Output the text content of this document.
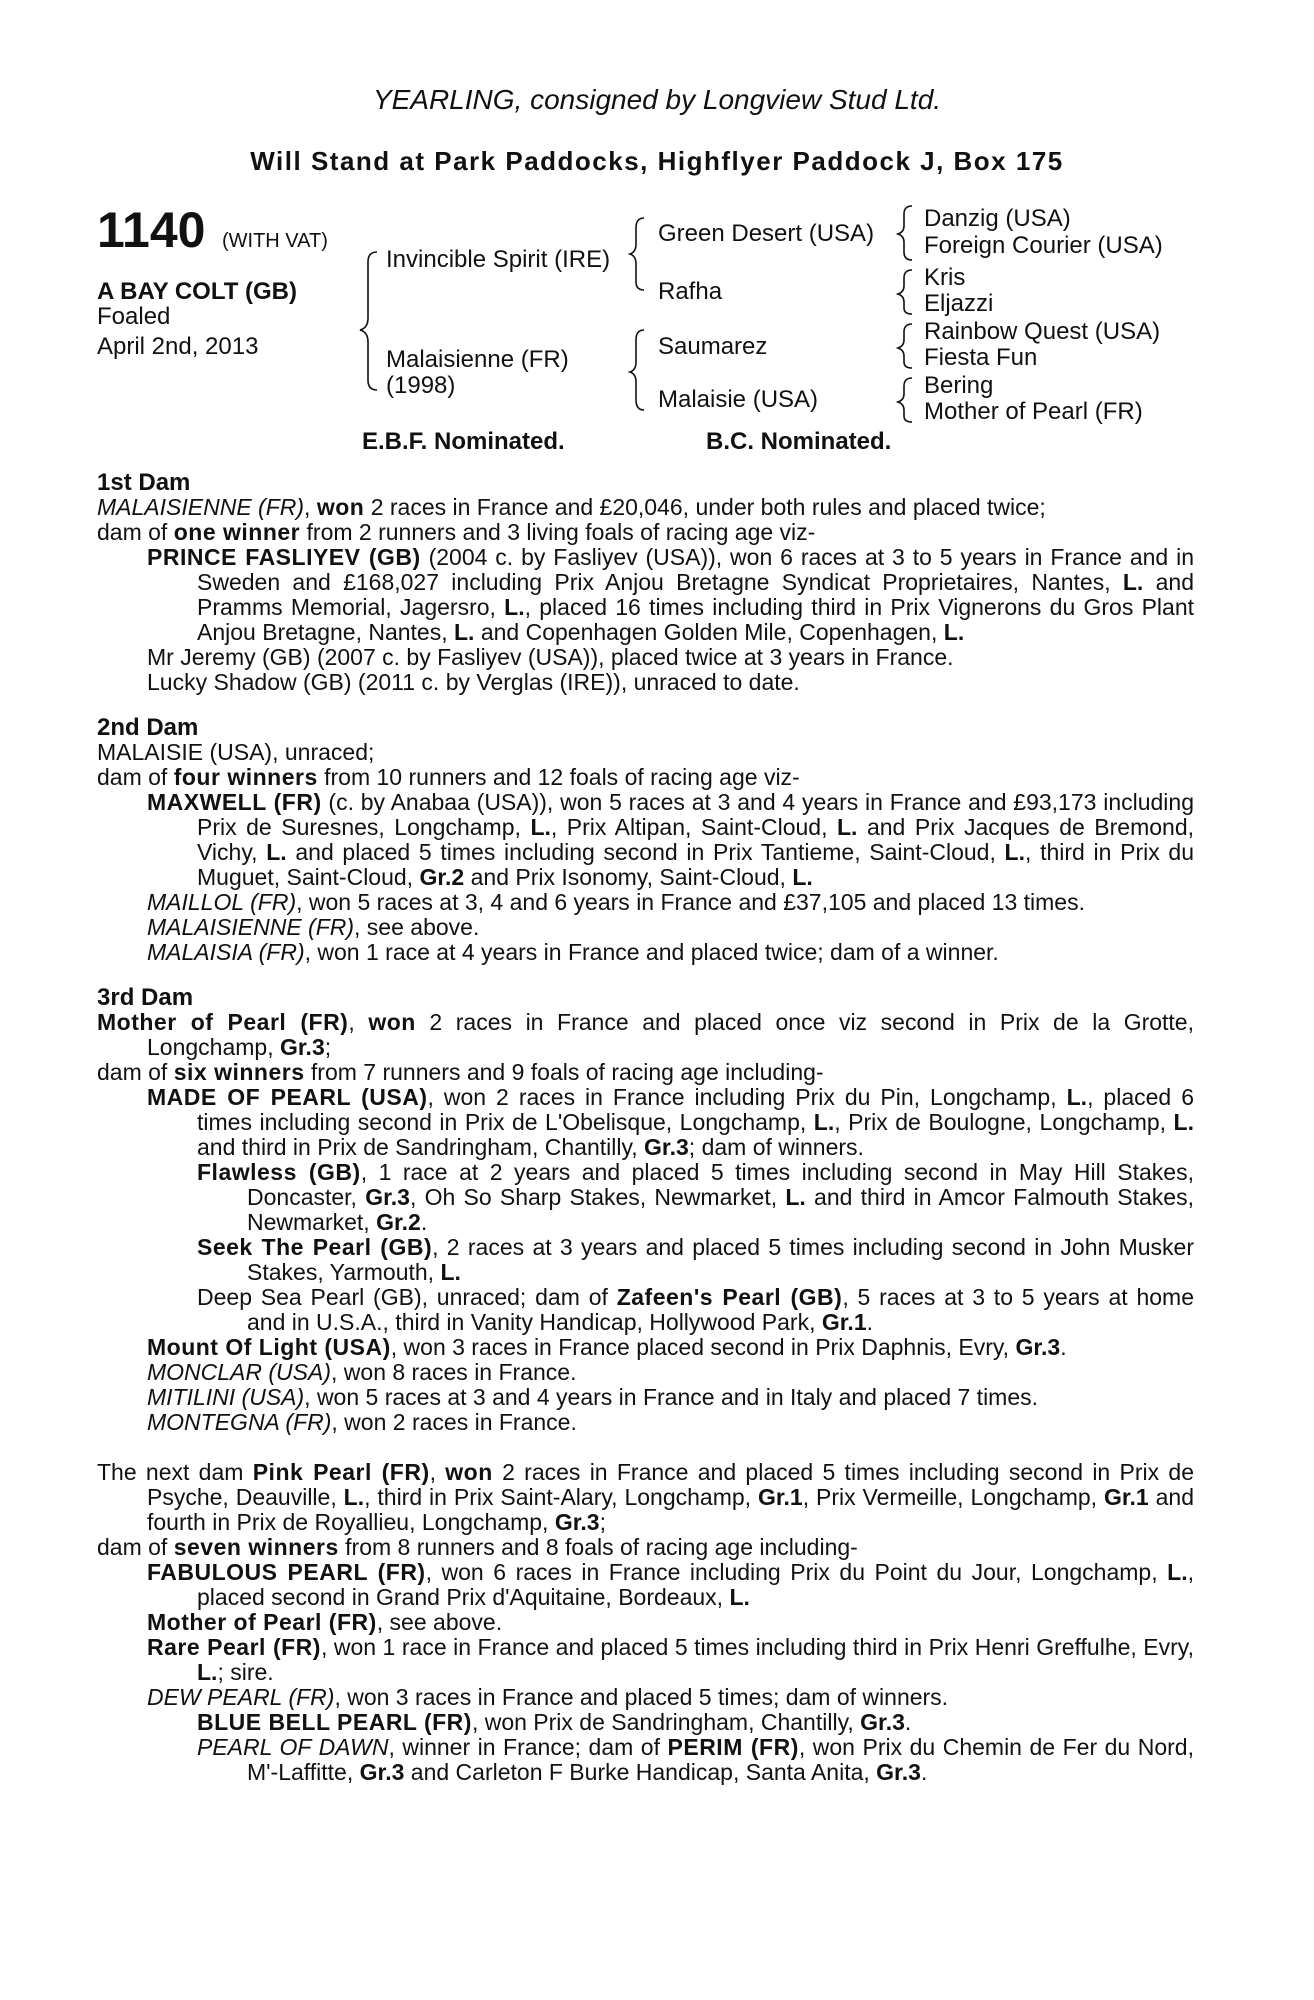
YEARLING, consigned by Longview Stud Ltd.
Will Stand at Park Paddocks, Highflyer Paddock J, Box 175
1140 (WITH VAT)
A BAY COLT (GB)
Foaled
April 2nd, 2013
Invincible Spirit (IRE)
Malaisienne (FR)
(1998)
Green Desert (USA)
Rafha
Saumarez
Malaisie (USA)
Danzig (USA)
Foreign Courier (USA)
Kris
Eljazzi
Rainbow Quest (USA)
Fiesta Fun
Bering
Mother of Pearl (FR)
E.B.F. Nominated.	B.C. Nominated.
1st Dam
MALAISIENNE (FR), won 2 races in France and £20,046, under both rules and placed twice;
dam of one winner from 2 runners and 3 living foals of racing age viz-
PRINCE FASLIYEV (GB) (2004 c. by Fasliyev (USA)), won 6 races at 3 to 5 years in France and in Sweden and £168,027 including Prix Anjou Bretagne Syndicat Proprietaires, Nantes, L. and Pramms Memorial, Jagersro, L., placed 16 times including third in Prix Vignerons du Gros Plant Anjou Bretagne, Nantes, L. and Copenhagen Golden Mile, Copenhagen, L.
Mr Jeremy (GB) (2007 c. by Fasliyev (USA)), placed twice at 3 years in France.
Lucky Shadow (GB) (2011 c. by Verglas (IRE)), unraced to date.
2nd Dam
MALAISIE (USA), unraced;
dam of four winners from 10 runners and 12 foals of racing age viz-
MAXWELL (FR) (c. by Anabaa (USA)), won 5 races at 3 and 4 years in France and £93,173 including Prix de Suresnes, Longchamp, L., Prix Altipan, Saint-Cloud, L. and Prix Jacques de Bremond, Vichy, L. and placed 5 times including second in Prix Tantieme, Saint-Cloud, L., third in Prix du Muguet, Saint-Cloud, Gr.2 and Prix Isonomy, Saint-Cloud, L.
MAILLOL (FR), won 5 races at 3, 4 and 6 years in France and £37,105 and placed 13 times.
MALAISIENNE (FR), see above.
MALAISIA (FR), won 1 race at 4 years in France and placed twice; dam of a winner.
3rd Dam
Mother of Pearl (FR), won 2 races in France and placed once viz second in Prix de la Grotte, Longchamp, Gr.3;
dam of six winners from 7 runners and 9 foals of racing age including-
MADE OF PEARL (USA), won 2 races in France including Prix du Pin, Longchamp, L., placed 6 times including second in Prix de L'Obelisque, Longchamp, L., Prix de Boulogne, Longchamp, L. and third in Prix de Sandringham, Chantilly, Gr.3; dam of winners.
Flawless (GB), 1 race at 2 years and placed 5 times including second in May Hill Stakes, Doncaster, Gr.3, Oh So Sharp Stakes, Newmarket, L. and third in Amcor Falmouth Stakes, Newmarket, Gr.2.
Seek The Pearl (GB), 2 races at 3 years and placed 5 times including second in John Musker Stakes, Yarmouth, L.
Deep Sea Pearl (GB), unraced; dam of Zafeen's Pearl (GB), 5 races at 3 to 5 years at home and in U.S.A., third in Vanity Handicap, Hollywood Park, Gr.1.
Mount Of Light (USA), won 3 races in France placed second in Prix Daphnis, Evry, Gr.3.
MONCLAR (USA), won 8 races in France.
MITILINI (USA), won 5 races at 3 and 4 years in France and in Italy and placed 7 times.
MONTEGNA (FR), won 2 races in France.
The next dam Pink Pearl (FR), won 2 races in France and placed 5 times including second in Prix de Psyche, Deauville, L., third in Prix Saint-Alary, Longchamp, Gr.1, Prix Vermeille, Longchamp, Gr.1 and fourth in Prix de Royallieu, Longchamp, Gr.3;
dam of seven winners from 8 runners and 8 foals of racing age including-
FABULOUS PEARL (FR), won 6 races in France including Prix du Point du Jour, Longchamp, L., placed second in Grand Prix d'Aquitaine, Bordeaux, L.
Mother of Pearl (FR), see above.
Rare Pearl (FR), won 1 race in France and placed 5 times including third in Prix Henri Greffulhe, Evry, L.; sire.
DEW PEARL (FR), won 3 races in France and placed 5 times; dam of winners.
BLUE BELL PEARL (FR), won Prix de Sandringham, Chantilly, Gr.3.
PEARL OF DAWN, winner in France; dam of PERIM (FR), won Prix du Chemin de Fer du Nord, M'-Laffitte, Gr.3 and Carleton F Burke Handicap, Santa Anita, Gr.3.
